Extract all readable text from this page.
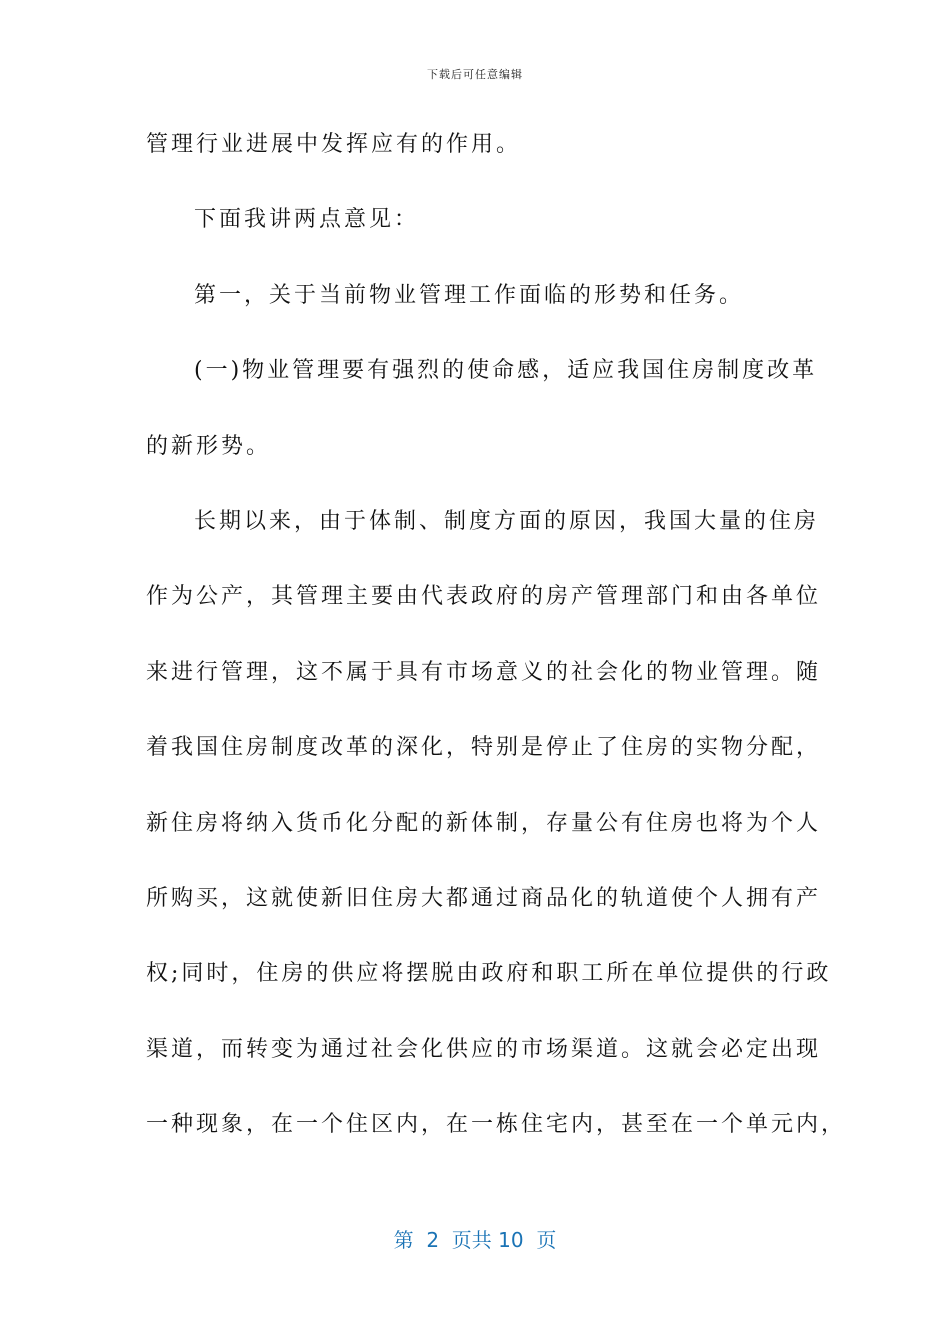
下载后可任意编辑
管理行业进展中发挥应有的作用。
下面我讲两点意见：
第一，关于当前物业管理工作面临的形势和任务。
(一)物业管理要有强烈的使命感，适应我国住房制度改革
的新形势。
长期以来，由于体制、制度方面的原因，我国大量的住房
作为公产，其管理主要由代表政府的房产管理部门和由各单位
来进行管理，这不属于具有市场意义的社会化的物业管理。随
着我国住房制度改革的深化，特别是停止了住房的实物分配，
新住房将纳入货币化分配的新体制，存量公有住房也将为个人
所购买，这就使新旧住房大都通过商品化的轨道使个人拥有产
权;同时，住房的供应将摆脱由政府和职工所在单位提供的行政
渠道，而转变为通过社会化供应的市场渠道。这就会必定出现
一种现象，在一个住区内，在一栋住宅内，甚至在一个单元内，
第  2  页共 10  页
